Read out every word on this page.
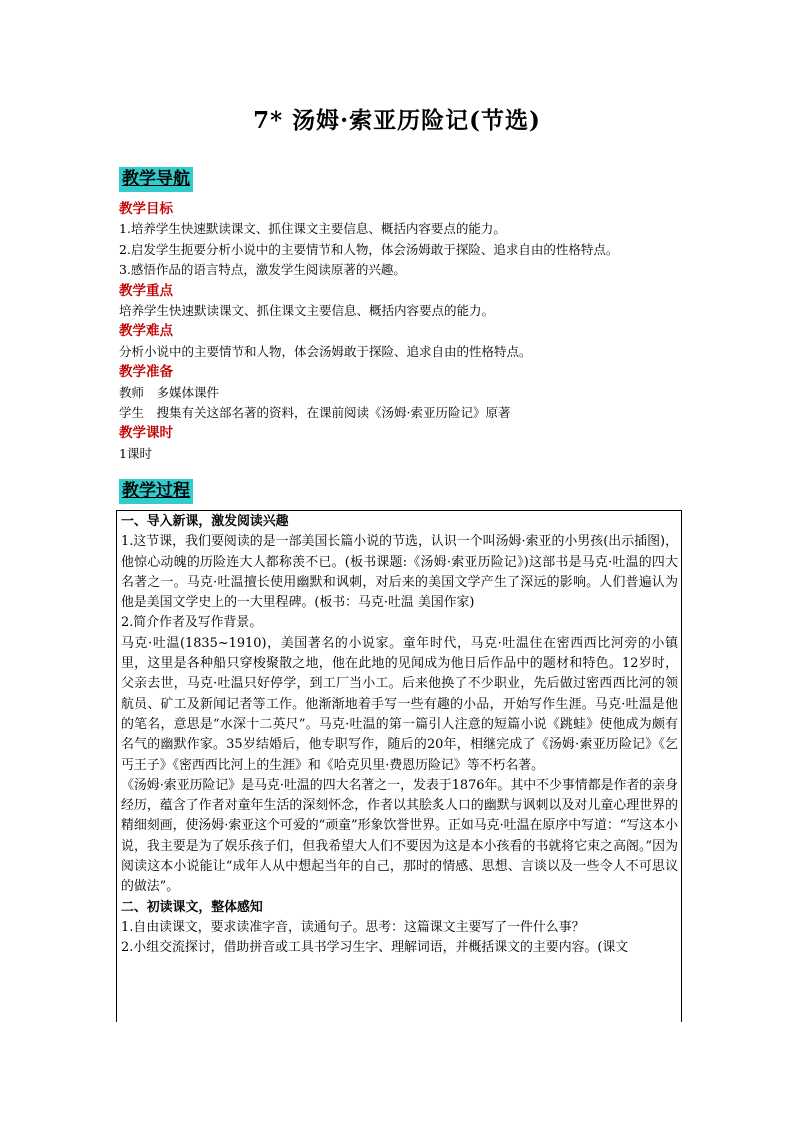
7* 汤姆·索亚历险记(节选)
教学导航
教学目标
1.培养学生快速默读课文、抓住课文主要信息、概括内容要点的能力。
2.启发学生扼要分析小说中的主要情节和人物，体会汤姆敢于探险、追求自由的性格特点。
3.感悟作品的语言特点，激发学生阅读原著的兴趣。
教学重点
培养学生快速默读课文、抓住课文主要信息、概括内容要点的能力。
教学难点
分析小说中的主要情节和人物，体会汤姆敢于探险、追求自由的性格特点。
教学准备
教师　多媒体课件
学生　搜集有关这部名著的资料，在课前阅读《汤姆·索亚历险记》原著
教学课时
1课时
教学过程

一、导入新课，激发阅读兴趣

1.这节课，我们要阅读的是一部美国长篇小说的节选，认识一个叫汤姆·索亚的小男孩(出示插图)，他惊心动魄的历险连大人都称羡不已。(板书课题:《汤姆·索亚历险记》)这部书是马克·吐温的四大名著之一。马克·吐温擅长使用幽默和讽刺，对后来的美国文学产生了深远的影响。人们普遍认为他是美国文学史上的一大里程碑。(板书：马克·吐温 美国作家)

2.简介作者及写作背景。

马克·吐温(1835~1910)，美国著名的小说家。童年时代，马克·吐温住在密西西比河旁的小镇里，这里是各种船只穿梭聚散之地，他在此地的见闻成为他日后作品中的题材和特色。12岁时，父亲去世，马克·吐温只好停学，到工厂当小工。后来他换了不少职业，先后做过密西西比河的领航员、矿工及新闻记者等工作。他渐渐地着手写一些有趣的小品，开始写作生涯。马克·吐温是他的笔名，意思是“水深十二英尺”。马克·吐温的第一篇引人注意的短篇小说《跳蛙》使他成为颇有名气的幽默作家。35岁结婚后，他专职写作，随后的20年，相继完成了《汤姆·索亚历险记》《乞丐王子》《密西西比河上的生涯》和《哈克贝里·费恩历险记》等不朽名著。

《汤姆·索亚历险记》是马克·吐温的四大名著之一，发表于1876年。其中不少事情都是作者的亲身经历，蕴含了作者对童年生活的深刻怀念，作者以其脍炙人口的幽默与讽刺以及对儿童心理世界的精细刻画，使汤姆·索亚这个可爱的“顽童”形象饮誉世界。正如马克·吐温在原序中写道：“写这本小说，我主要是为了娱乐孩子们，但我希望大人们不要因为这是本小孩看的书就将它束之高阁。”因为阅读这本小说能让“成年人从中想起当年的自己，那时的情感、思想、言谈以及一些令人不可思议的做法”。

二、初读课文，整体感知

1.自由读课文，要求读准字音，读通句子。思考：这篇课文主要写了一件什么事？

2.小组交流探讨，借助拼音或工具书学习生字、理解词语，并概括课文的主要内容。(课文
